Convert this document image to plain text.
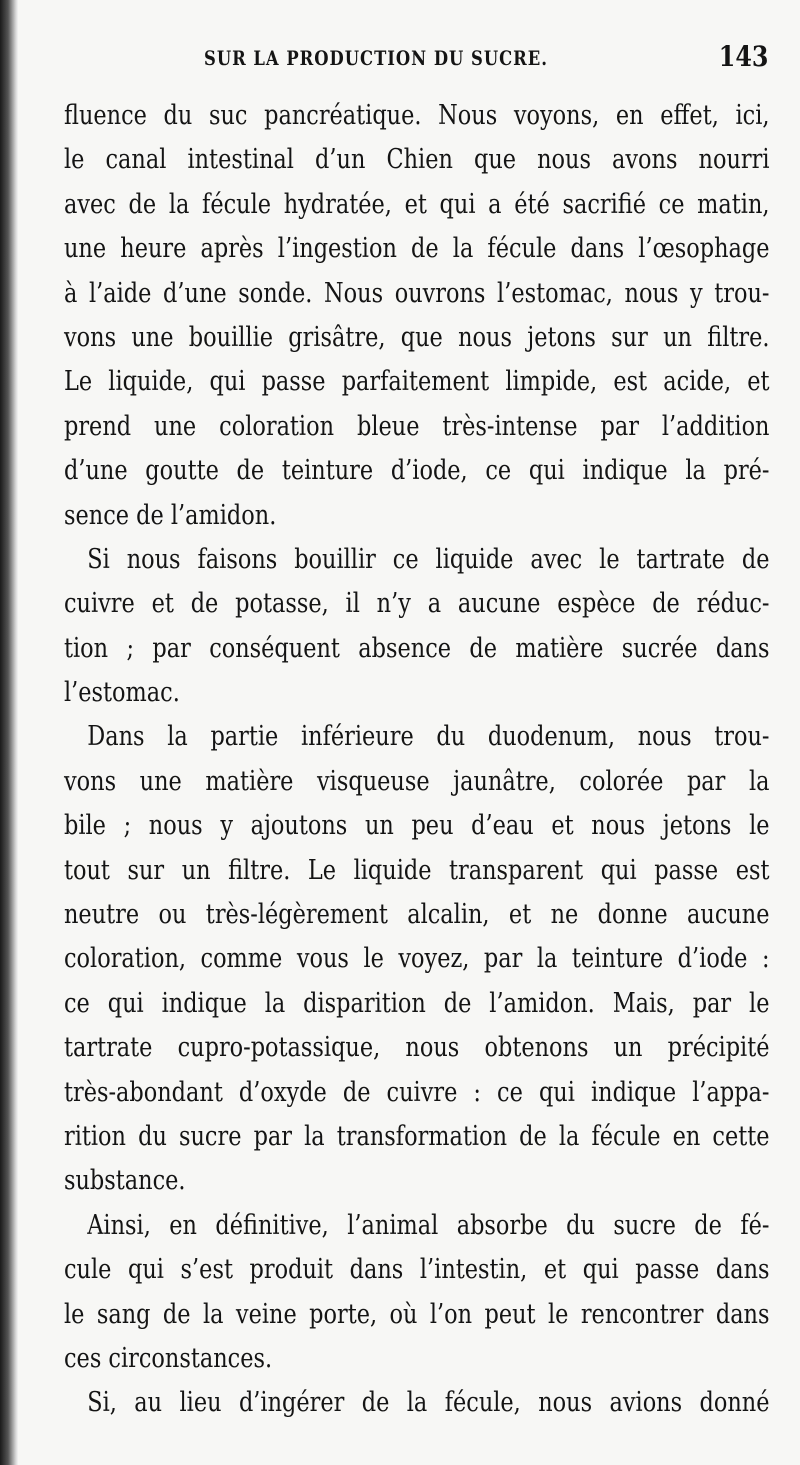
SUR LA PRODUCTION DU SUCRE.	143
fluence du suc pancréatique. Nous voyons, en effet, ici,
le canal intestinal d’un Chien que nous avons nourri
avec de la fécule hydratée, et qui a été sacrifié ce matin,
une heure après l’ingestion de la fécule dans l’œsophage
à l’aide d’une sonde. Nous ouvrons l’estomac, nous y trou-
vons une bouillie grisâtre, que nous jetons sur un filtre.
Le liquide, qui passe parfaitement limpide, est acide, et
prend une coloration bleue très-intense par l’addition
d’une goutte de teinture d’iode, ce qui indique la pré-
sence de l’amidon.
Si nous faisons bouillir ce liquide avec le tartrate de
cuivre et de potasse, il n’y a aucune espèce de réduc-
tion ; par conséquent absence de matière sucrée dans
l’estomac.
Dans la partie inférieure du duodenum, nous trou-
vons une matière visqueuse jaunâtre, colorée par la
bile ; nous y ajoutons un peu d’eau et nous jetons le
tout sur un filtre. Le liquide transparent qui passe est
neutre ou très-légèrement alcalin, et ne donne aucune
coloration, comme vous le voyez, par la teinture d’iode :
ce qui indique la disparition de l’amidon. Mais, par le
tartrate cupro-potassique, nous obtenons un précipité
très-abondant d’oxyde de cuivre : ce qui indique l’appa-
rition du sucre par la transformation de la fécule en cette
substance.
Ainsi, en définitive, l’animal absorbe du sucre de fé-
cule qui s’est produit dans l’intestin, et qui passe dans
le sang de la veine porte, où l’on peut le rencontrer dans
ces circonstances.
Si, au lieu d’ingérer de la fécule, nous avions donné
